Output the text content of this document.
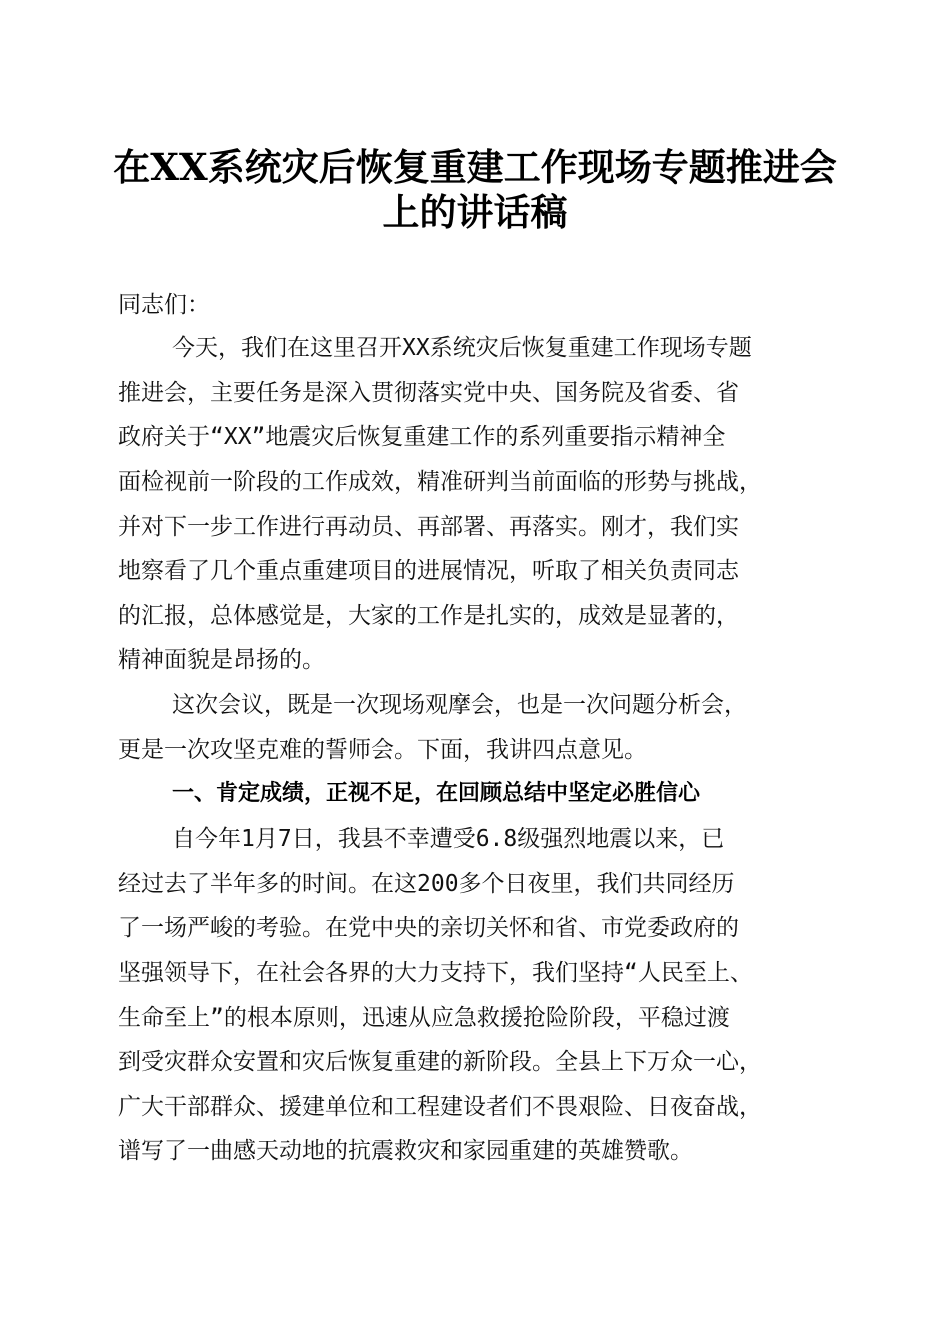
在XX系统灾后恢复重建工作现场专题推进会
上的讲话稿
同志们：
今天，我们在这里召开XX系统灾后恢复重建工作现场专题
推进会，主要任务是深入贯彻落实党中央、国务院及省委、省
政府关于“XX”地震灾后恢复重建工作的系列重要指示精神全
面检视前一阶段的工作成效，精准研判当前面临的形势与挑战，
并对下一步工作进行再动员、再部署、再落实。刚才，我们实
地察看了几个重点重建项目的进展情况，听取了相关负责同志
的汇报，总体感觉是，大家的工作是扎实的，成效是显著的，
精神面貌是昂扬的。
这次会议，既是一次现场观摩会，也是一次问题分析会，
更是一次攻坚克难的誓师会。下面，我讲四点意见。
一、肯定成绩，正视不足，在回顾总结中坚定必胜信心
自今年1月7日，我县不幸遭受6.8级强烈地震以来，已
经过去了半年多的时间。在这200多个日夜里，我们共同经历
了一场严峻的考验。在党中央的亲切关怀和省、市党委政府的
坚强领导下，在社会各界的大力支持下，我们坚持“人民至上、
生命至上”的根本原则，迅速从应急救援抢险阶段，平稳过渡
到受灾群众安置和灾后恢复重建的新阶段。全县上下万众一心，
广大干部群众、援建单位和工程建设者们不畏艰险、日夜奋战，
谱写了一曲感天动地的抗震救灾和家园重建的英雄赞歌。
